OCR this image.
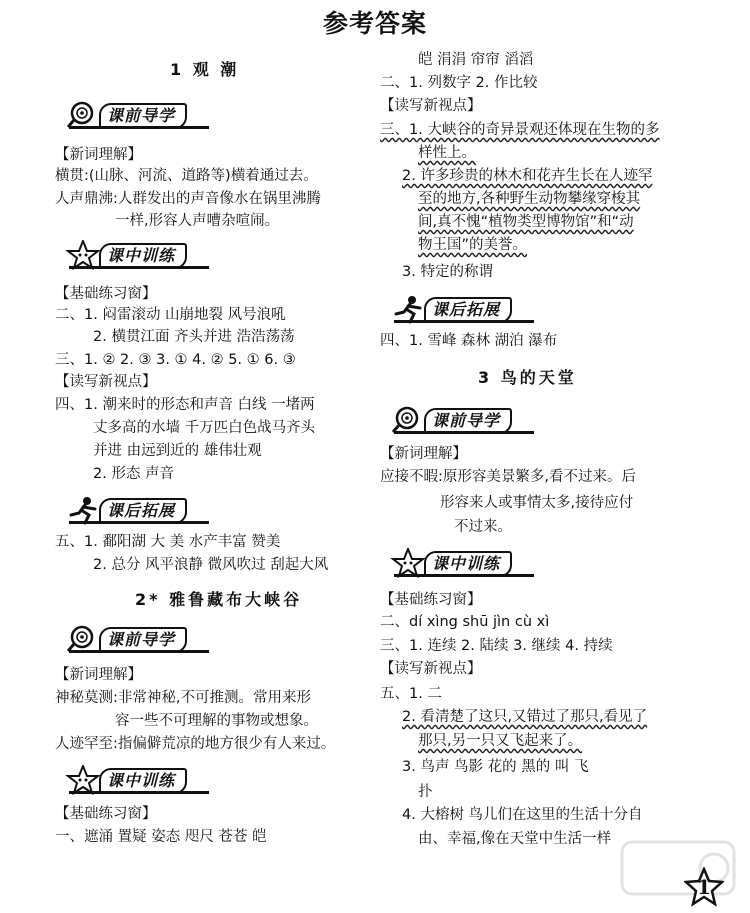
参考答案
1 观 潮
课前导学
【新词理解】
横贯:(山脉、河流、道路等)横着通过去。
人声鼎沸:人群发出的声音像水在锅里沸腾
一样,形容人声嘈杂喧闹。
课中训练
【基础练习窗】
二、1. 闷雷滚动 山崩地裂 风号浪吼
2. 横贯江面 齐头并进 浩浩荡荡
三、1. ② 2. ③ 3. ① 4. ② 5. ① 6. ③
【读写新视点】
四、1. 潮来时的形态和声音 白线 一堵两
丈多高的水墙 千万匹白色战马齐头
并进 由远到近的 雄伟壮观
2. 形态 声音
课后拓展
五、1. 鄱阳湖 大 美 水产丰富 赞美
2. 总分 风平浪静 微风吹过 刮起大风
2* 雅鲁藏布大峡谷
课前导学
【新词理解】
神秘莫测:非常神秘,不可推测。常用来形
容一些不可理解的事物或想象。
人迹罕至:指偏僻荒凉的地方很少有人来过。
课中训练
【基础练习窗】
一、遮涌 置疑 姿态 咫尺 苍苍 皑
皑 涓涓 帘帘 滔滔
二、1. 列数字 2. 作比较
【读写新视点】
三、1. 大峡谷的奇异景观还体现在生物的多
样性上。
2. 许多珍贵的林木和花卉生长在人迹罕
至的地方,各种野生动物攀缘穿梭其
间,真不愧“植物类型博物馆”和“动
物王国”的美誉。
3. 特定的称谓
课后拓展
四、1. 雪峰 森林 湖泊 瀑布
3 鸟的天堂
课前导学
【新词理解】
应接不暇:原形容美景繁多,看不过来。后
形容来人或事情太多,接待应付
不过来。
课中训练
【基础练习窗】
二、dí xìng shū jìn cù xì
三、1. 连续 2. 陆续 3. 继续 4. 持续
【读写新视点】
五、1. 二
2. 看清楚了这只,又错过了那只,看见了
那只,另一只又飞起来了。
3. 鸟声 鸟影 花的 黑的 叫 飞
扑
4. 大榕树 鸟儿们在这里的生活十分自
由、幸福,像在天堂中生活一样
1
